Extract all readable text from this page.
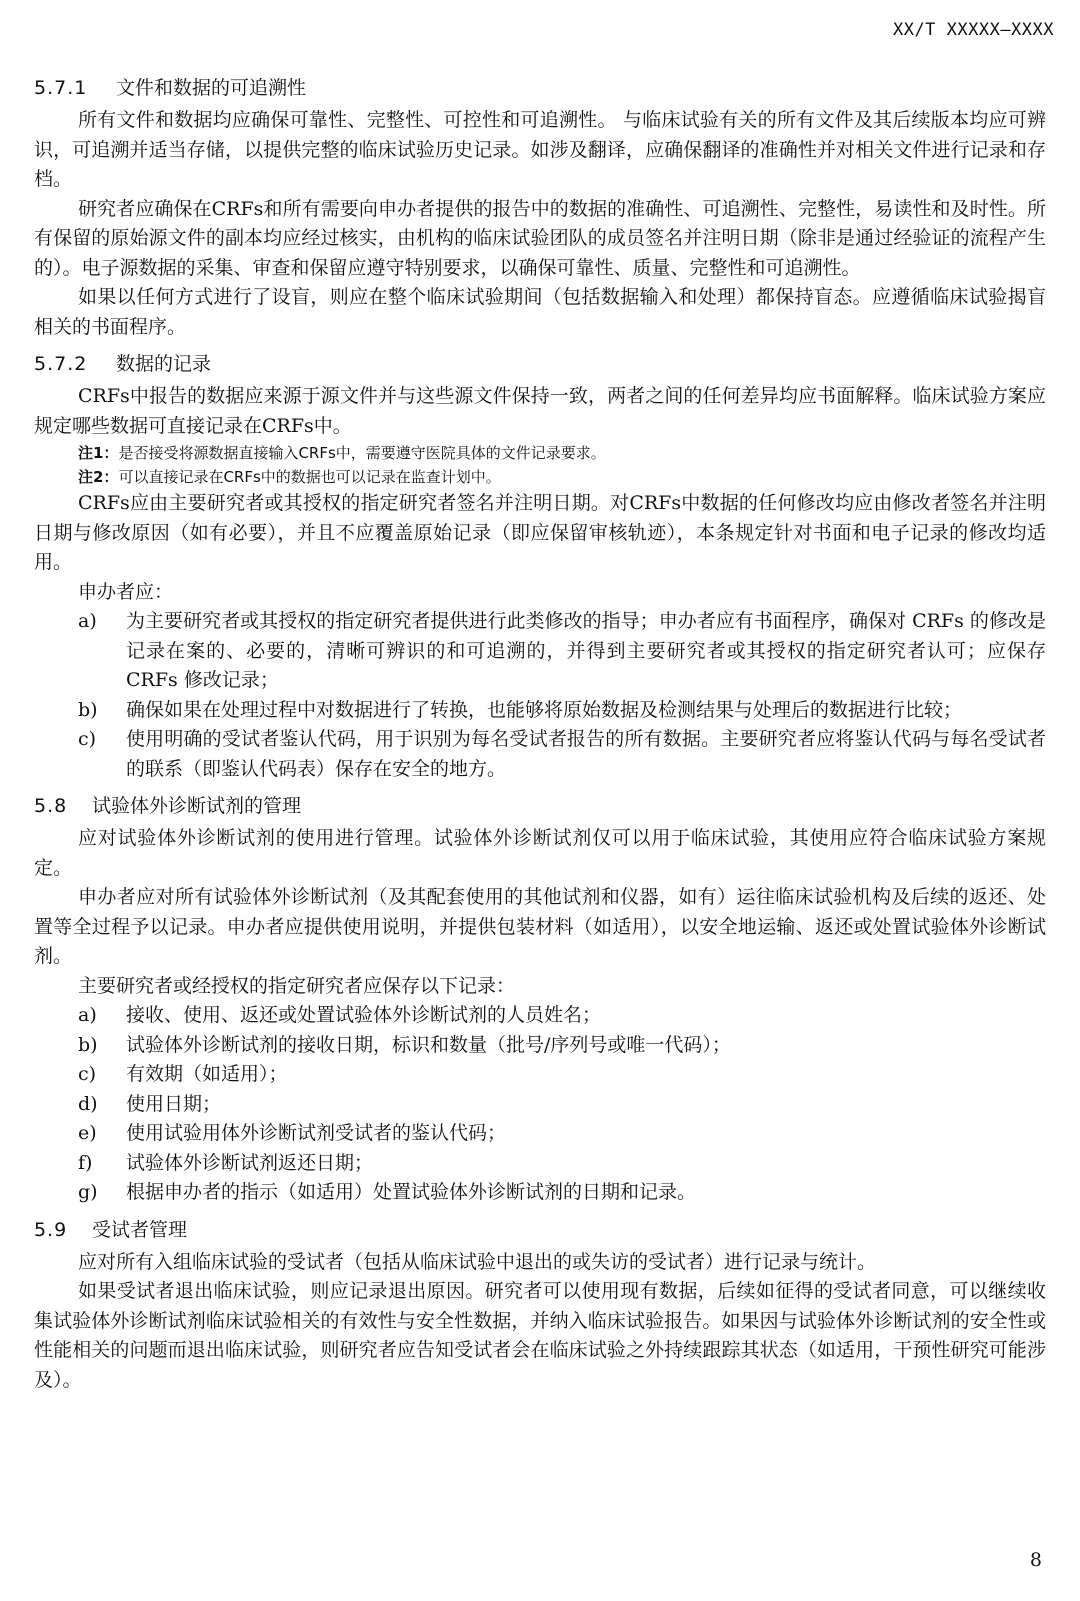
XX/T XXXXX—XXXX
5.7.1 文件和数据的可追溯性

所有文件和数据均应确保可靠性、完整性、可控性和可追溯性。 与临床试验有关的所有文件及其后续版本均应可辨识，可追溯并适当存储，以提供完整的临床试验历史记录。如涉及翻译，应确保翻译的准确性并对相关文件进行记录和存档。

研究者应确保在CRFs和所有需要向申办者提供的报告中的数据的准确性、可追溯性、完整性，易读性和及时性。所有保留的原始源文件的副本均应经过核实，由机构的临床试验团队的成员签名并注明日期（除非是通过经验证的流程产生的）。电子源数据的采集、审查和保留应遵守特别要求，以确保可靠性、质量、完整性和可追溯性。

如果以任何方式进行了设盲，则应在整个临床试验期间（包括数据输入和处理）都保持盲态。应遵循临床试验揭盲相关的书面程序。

5.7.2 数据的记录

CRFs中报告的数据应来源于源文件并与这些源文件保持一致，两者之间的任何差异均应书面解释。临床试验方案应规定哪些数据可直接记录在CRFs中。

注1：是否接受将源数据直接输入CRFs中，需要遵守医院具体的文件记录要求。

注2：可以直接记录在CRFs中的数据也可以记录在监查计划中。

CRFs应由主要研究者或其授权的指定研究者签名并注明日期。对CRFs中数据的任何修改均应由修改者签名并注明日期与修改原因（如有必要），并且不应覆盖原始记录（即应保留审核轨迹），本条规定针对书面和电子记录的修改均适用。

申办者应：

a) 为主要研究者或其授权的指定研究者提供进行此类修改的指导；申办者应有书面程序，确保对 CRFs 的修改是记录在案的、必要的，清晰可辨识的和可追溯的，并得到主要研究者或其授权的指定研究者认可；应保存 CRFs 修改记录；
b) 确保如果在处理过程中对数据进行了转换，也能够将原始数据及检测结果与处理后的数据进行比较；
c) 使用明确的受试者鉴认代码，用于识别为每名受试者报告的所有数据。主要研究者应将鉴认代码与每名受试者的联系（即鉴认代码表）保存在安全的地方。
5.8 试验体外诊断试剂的管理

应对试验体外诊断试剂的使用进行管理。试验体外诊断试剂仅可以用于临床试验，其使用应符合临床试验方案规定。

申办者应对所有试验体外诊断试剂（及其配套使用的其他试剂和仪器，如有）运往临床试验机构及后续的返还、处置等全过程予以记录。申办者应提供使用说明，并提供包装材料（如适用），以安全地运输、返还或处置试验体外诊断试剂。

主要研究者或经授权的指定研究者应保存以下记录：

a) 接收、使用、返还或处置试验体外诊断试剂的人员姓名；
b) 试验体外诊断试剂的接收日期，标识和数量（批号/序列号或唯一代码）；
c) 有效期（如适用）；
d) 使用日期；
e) 使用试验用体外诊断试剂受试者的鉴认代码；
f) 试验体外诊断试剂返还日期；
g) 根据申办者的指示（如适用）处置试验体外诊断试剂的日期和记录。
5.9 受试者管理

应对所有入组临床试验的受试者（包括从临床试验中退出的或失访的受试者）进行记录与统计。

如果受试者退出临床试验，则应记录退出原因。研究者可以使用现有数据，后续如征得的受试者同意，可以继续收集试验体外诊断试剂临床试验相关的有效性与安全性数据，并纳入临床试验报告。如果因与试验体外诊断试剂的安全性或性能相关的问题而退出临床试验，则研究者应告知受试者会在临床试验之外持续跟踪其状态（如适用，干预性研究可能涉及）。

8
